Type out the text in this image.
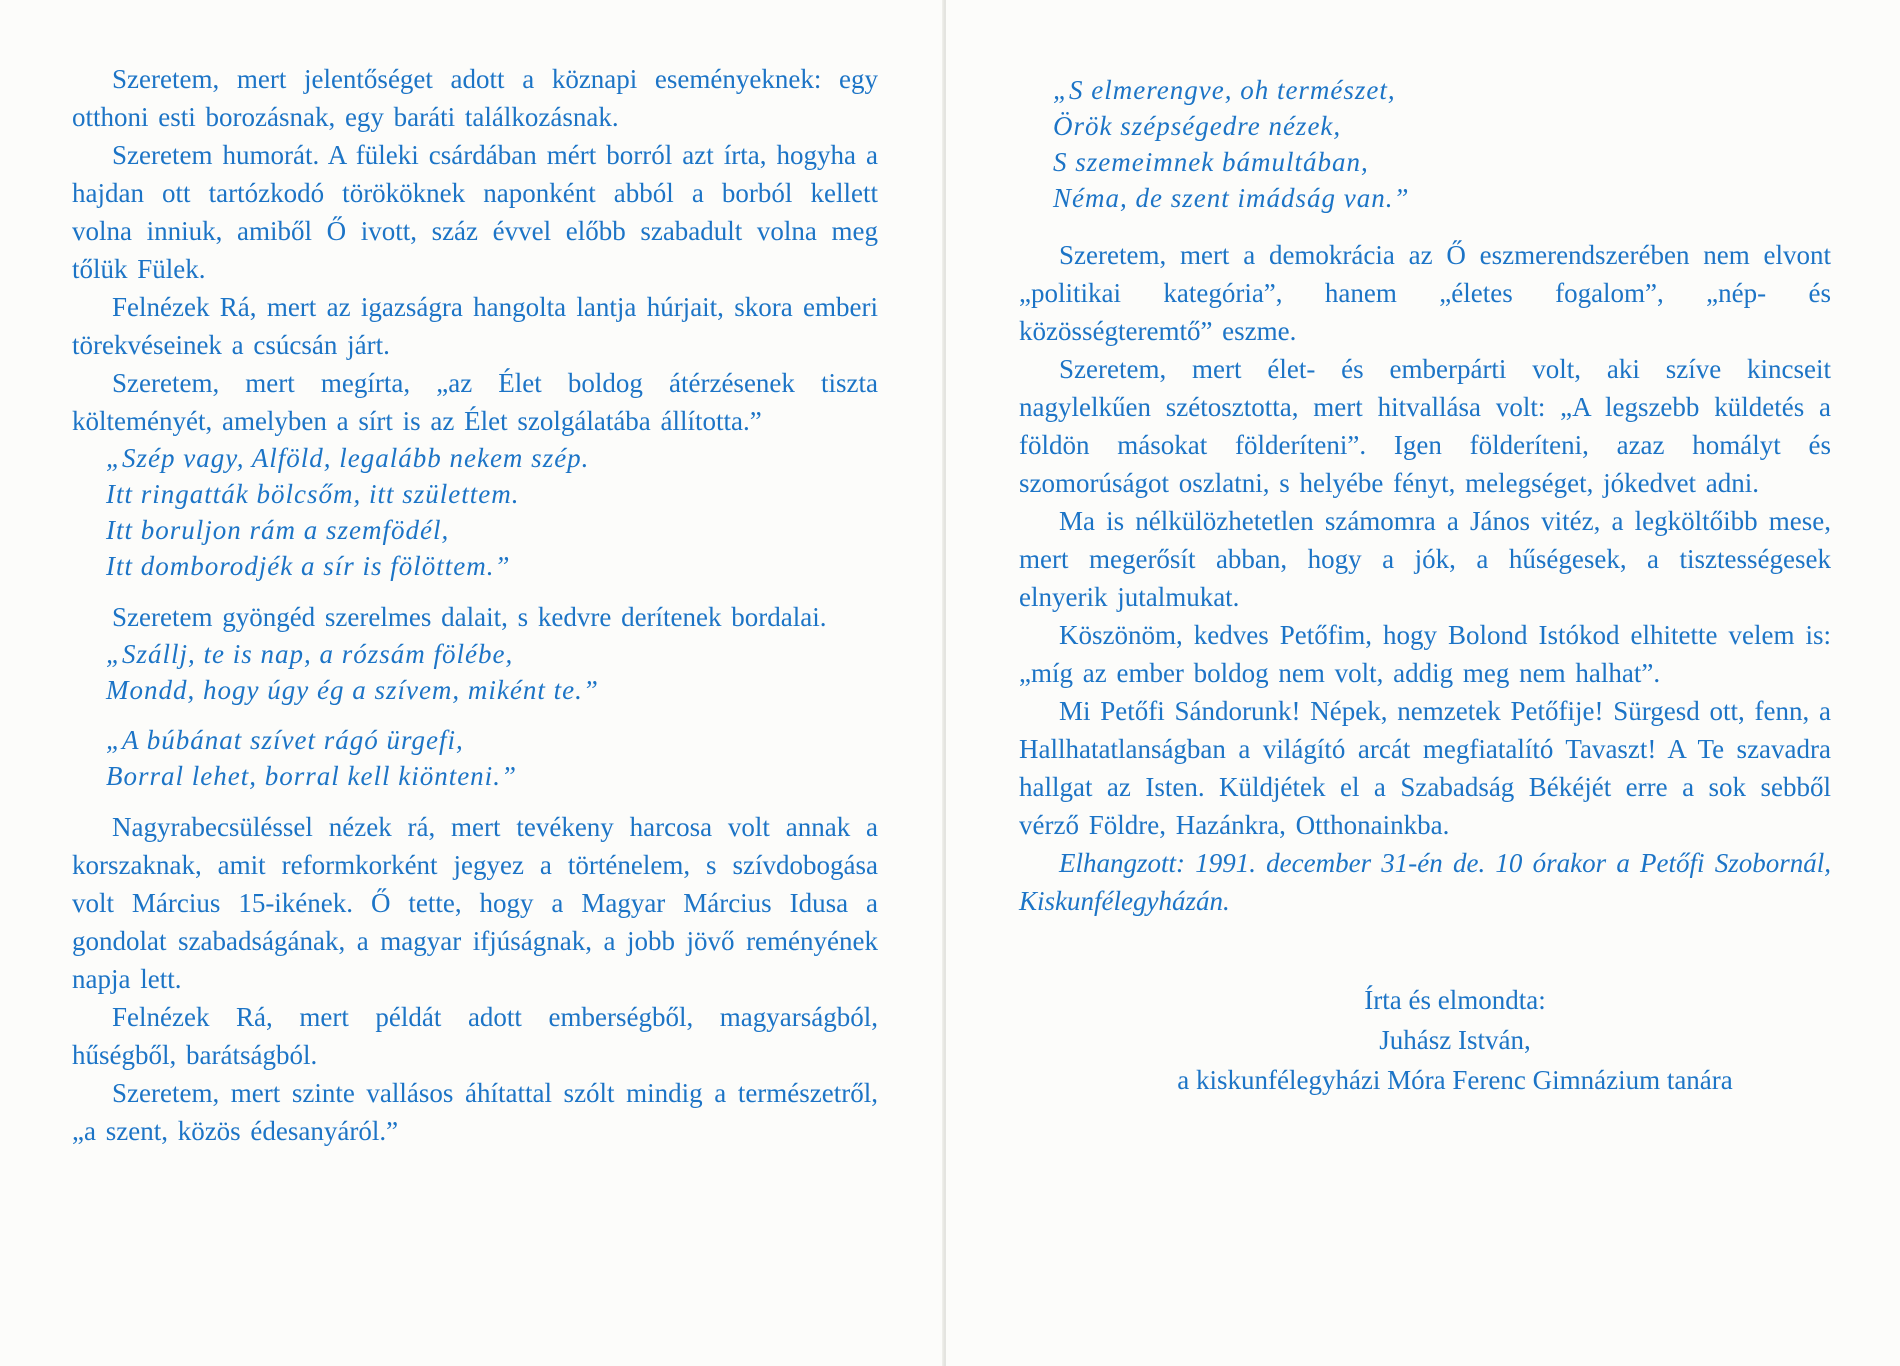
Szeretem, mert jelentőséget adott a köznapi eseményeknek: egy otthoni esti borozásnak, egy baráti találkozásnak.

Szeretem humorát. A füleki csárdában mért borról azt írta, hogyha a hajdan ott tartózkodó törököknek naponként abból a borból kellett volna inniuk, amiből Ő ivott, száz évvel előbb szabadult volna meg tőlük Fülek.

Felnézek Rá, mert az igazságra hangolta lantja húrjait, skora emberi törekvéseinek a csúcsán járt.

Szeretem, mert megírta, „az Élet boldog átérzésenek tiszta költeményét, amelyben a sírt is az Élet szolgálatába állította.”

„Szép vagy, Alföld, legalább nekem szép.
Itt ringatták bölcsőm, itt születtem.
Itt boruljon rám a szemfödél,
Itt domborodjék a sír is fölöttem.”

Szeretem gyöngéd szerelmes dalait, s kedvre derítenek bordalai.

„Szállj, te is nap, a rózsám fölébe,
Mondd, hogy úgy ég a szívem, miként te.”
„A búbánat szívet rágó ürgefi,
Borral lehet, borral kell kiönteni.”

Nagyrabecsüléssel nézek rá, mert tevékeny harcosa volt annak a korszaknak, amit reformkorként jegyez a történelem, s szívdobogása volt Március 15-ikének. Ő tette, hogy a Magyar Március Idusa a gondolat szabadságának, a magyar ifjúságnak, a jobb jövő reményének napja lett.

Felnézek Rá, mert példát adott emberségből, magyarságból, hűségből, barátságból.

Szeretem, mert szinte vallásos áhítattal szólt mindig a természetről, „a szent, közös édesanyáról.”

„S elmerengve, oh természet,
Örök szépségedre nézek,
S szemeimnek bámultában,
Néma, de szent imádság van.”

Szeretem, mert a demokrácia az Ő eszmerendszerében nem elvont „politikai kategória”, hanem „életes fogalom”, „nép- és közösségteremtő” eszme.

Szeretem, mert élet- és emberpárti volt, aki szíve kincseit nagylelkűen szétosztotta, mert hitvallása volt: „A legszebb küldetés a földön másokat földeríteni”. Igen földeríteni, azaz homályt és szomorúságot oszlatni, s helyébe fényt, melegséget, jókedvet adni.

Ma is nélkülözhetetlen számomra a János vitéz, a legköltőibb mese, mert megerősít abban, hogy a jók, a hűségesek, a tisztességesek elnyerik jutalmukat.

Köszönöm, kedves Petőfim, hogy Bolond Istókod elhitette velem is: „míg az ember boldog nem volt, addig meg nem halhat”.

Mi Petőfi Sándorunk! Népek, nemzetek Petőfije! Sürgesd ott, fenn, a Hallhatatlanságban a világító arcát megfiatalító Tavaszt! A Te szavadra hallgat az Isten. Küldjétek el a Szabadság Békéjét erre a sok sebből vérző Földre, Hazánkra, Otthonainkba.

Elhangzott: 1991. december 31-én de. 10 órakor a Petőfi Szobornál, Kiskunfélegyházán.

Írta és elmondta:
Juhász István,
a kiskunfélegyházi Móra Ferenc Gimnázium tanára
